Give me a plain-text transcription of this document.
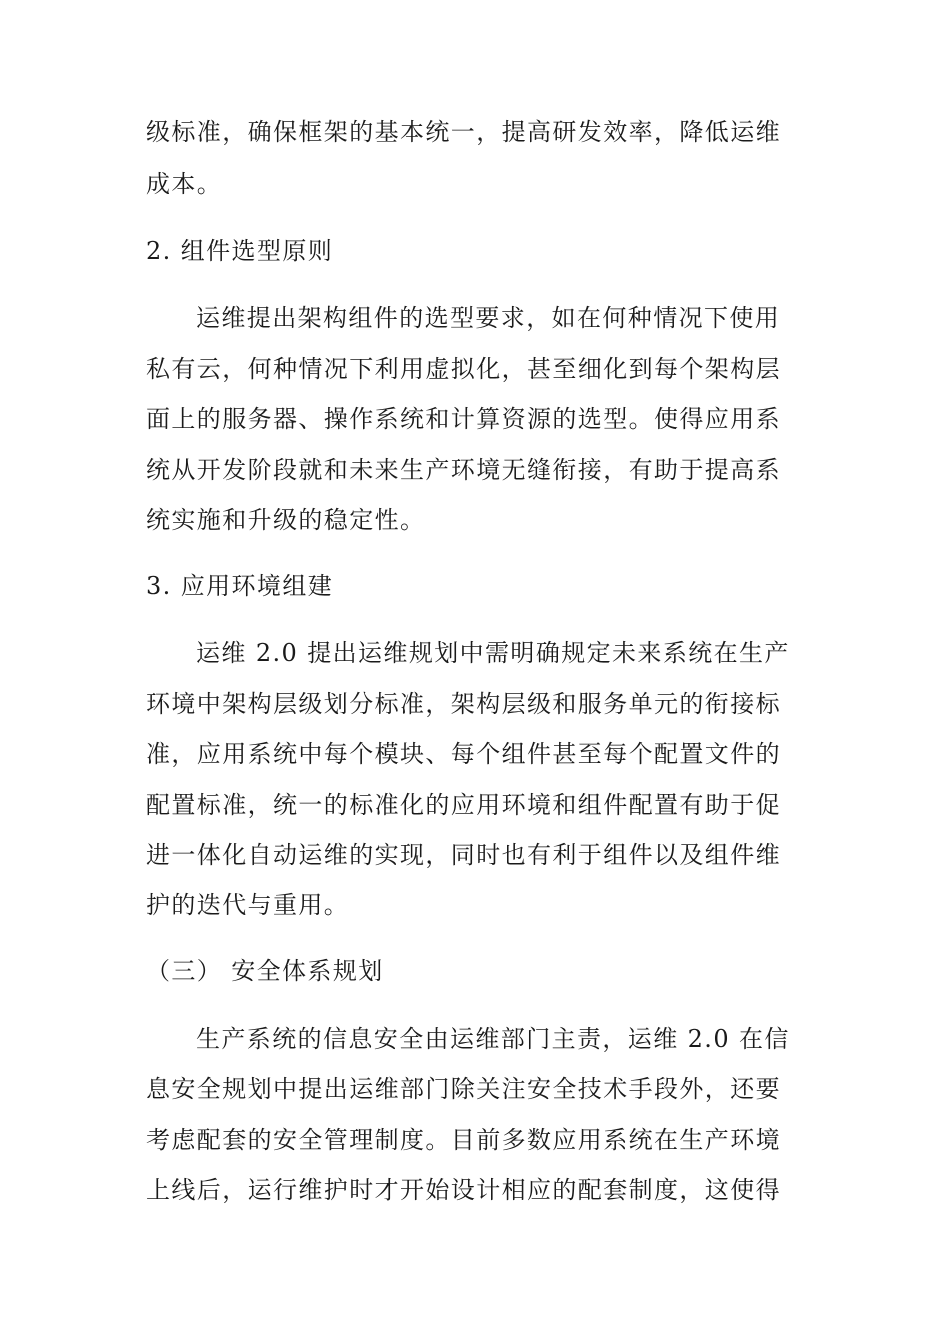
级标准，确保框架的基本统一，提高研发效率，降低运维
成本。
2. 组件选型原则
运维提出架构组件的选型要求，如在何种情况下使用
私有云，何种情况下利用虚拟化，甚至细化到每个架构层
面上的服务器、操作系统和计算资源的选型。使得应用系
统从开发阶段就和未来生产环境无缝衔接，有助于提高系
统实施和升级的稳定性。
3. 应用环境组建
运维 2.0 提出运维规划中需明确规定未来系统在生产
环境中架构层级划分标准，架构层级和服务单元的衔接标
准，应用系统中每个模块、每个组件甚至每个配置文件的
配置标准，统一的标准化的应用环境和组件配置有助于促
进一体化自动运维的实现，同时也有利于组件以及组件维
护的迭代与重用。
（三） 安全体系规划
生产系统的信息安全由运维部门主责，运维 2.0 在信
息安全规划中提出运维部门除关注安全技术手段外，还要
考虑配套的安全管理制度。目前多数应用系统在生产环境
上线后，运行维护时才开始设计相应的配套制度，这使得
